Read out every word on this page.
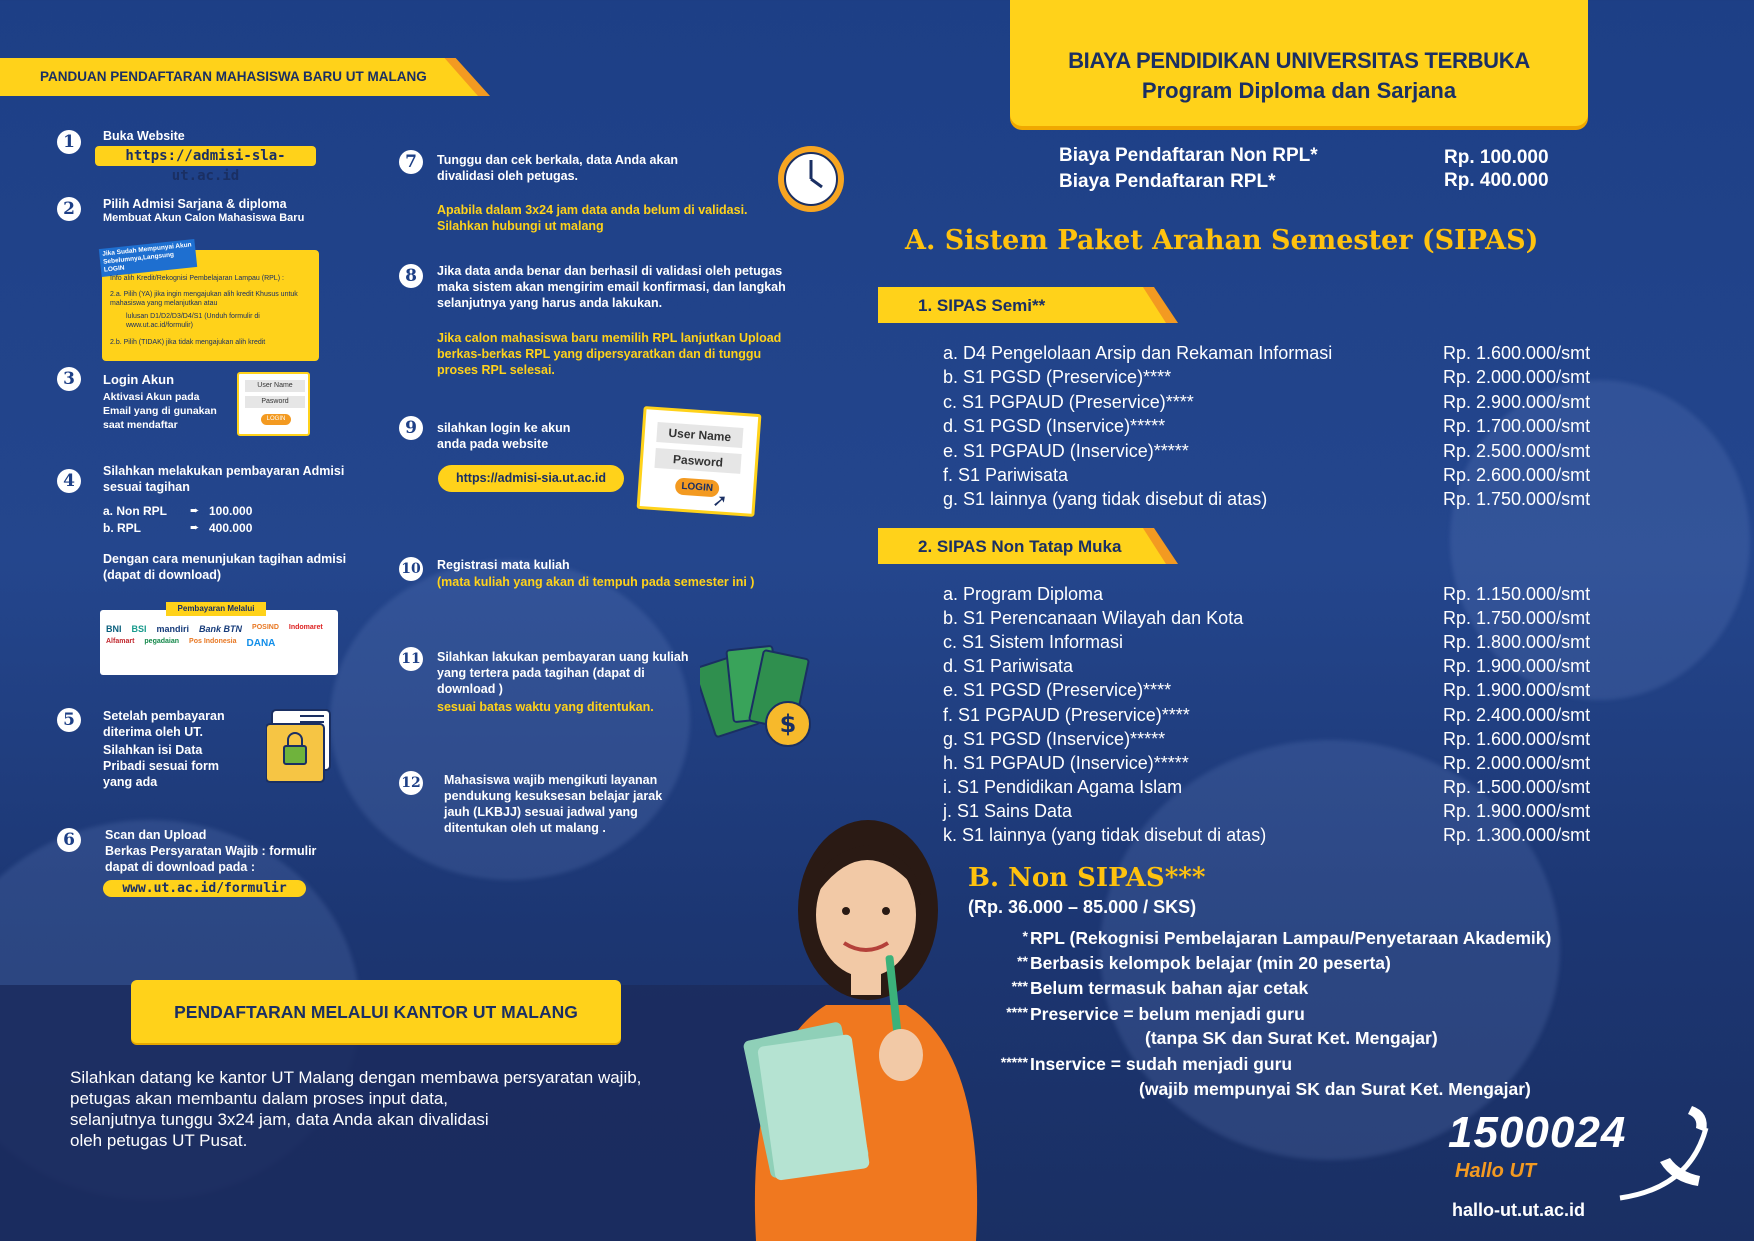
PANDUAN PENDAFTARAN MAHASISWA BARU UT MALANG
1	Buka Website
https://admisi-sla-ut.ac.id
2	Pilih Admisi Sarjana & diploma
Membuat Akun Calon Mahasiswa Baru
Jika Sudah Mempunyai Akun Sebelumnya,Langsung LOGIN
Info alih Kredit/Rekognisi Pembelajaran Lampau (RPL) :
2.a. Pilih (YA) jika ingin mengajukan alih kredit Khusus untuk mahasiswa yang melanjutkan atau
lulusan D1/D2/D3/D4/S1 (Unduh formulir di www.ut.ac.id/formulir)
2.b. Pilih (TIDAK) jika tidak mengajukan alih kredit
3	Login Akun
Aktivasi Akun pada Email yang di gunakan saat mendaftar
User Name
Pasword
LOGIN
4	Silahkan melakukan pembayaran Admisi sesuai tagihan
a. Non RPL ➨ 100.000
b. RPL	➨ 400.000
Dengan cara menunjukan tagihan admisi (dapat di download)
Pembayaran Melalui
BNI BSI mandiri Bank BTN POSIND Indomaret
Alfamart pegadaian Pos Indonesia DANA
5	Setelah pembayaran diterima oleh UT.
Silahkan isi Data Pribadi sesuai form yang ada
6	Scan dan Upload
Berkas Persyaratan Wajib : formulir dapat di download pada :
www.ut.ac.id/formulir
7	Tunggu dan cek berkala, data Anda akan divalidasi oleh petugas.
Apabila dalam 3x24 jam data anda belum di validasi. Silahkan hubungi ut malang
8	Jika data anda benar dan berhasil di validasi oleh petugas maka sistem akan mengirim email konfirmasi, dan langkah selanjutnya yang harus anda lakukan.
Jika calon mahasiswa baru memilih RPL lanjutkan Upload berkas-berkas RPL yang dipersyaratkan dan di tunggu proses RPL selesai.
9	silahkan login ke akun anda pada website
https://admisi-sia.ut.ac.id
User Name
Pasword
LOGIN
➚
10 Registrasi mata kuliah
(mata kuliah yang akan di tempuh pada semester ini )
11 Silahkan lakukan pembayaran uang kuliah yang tertera pada tagihan (dapat di download )
sesuai batas waktu yang ditentukan.
$
12 Mahasiswa wajib mengikuti layanan pendukung kesuksesan belajar jarak jauh (LKBJJ) sesuai jadwal yang ditentukan oleh ut malang .
PENDAFTARAN MELALUI KANTOR UT MALANG
Silahkan datang ke kantor UT Malang dengan membawa persyaratan wajib,
petugas akan membantu dalam proses input data,
selanjutnya tunggu 3x24 jam, data Anda akan divalidasi
oleh petugas UT Pusat.
BIAYA PENDIDIKAN UNIVERSITAS TERBUKA
Program Diploma dan Sarjana
Biaya Pendaftaran Non RPL*	Rp. 100.000
Biaya Pendaftaran RPL*	Rp. 400.000
A. Sistem Paket Arahan Semester (SIPAS)
1. SIPAS Semi**
a. D4 Pengelolaan Arsip dan Rekaman Informasi	Rp. 1.600.000/smt
b. S1 PGSD (Preservice)****	Rp. 2.000.000/smt
c. S1 PGPAUD (Preservice)****	Rp. 2.900.000/smt
d. S1 PGSD (Inservice)*****	Rp. 1.700.000/smt
e. S1 PGPAUD (Inservice)*****	Rp. 2.500.000/smt
f. S1 Pariwisata	Rp. 2.600.000/smt
g. S1 lainnya (yang tidak disebut di atas)	Rp. 1.750.000/smt
2. SIPAS Non Tatap Muka
a. Program Diploma	Rp. 1.150.000/smt
b. S1 Perencanaan Wilayah dan Kota	Rp. 1.750.000/smt
c. S1 Sistem Informasi	Rp. 1.800.000/smt
d. S1 Pariwisata	Rp. 1.900.000/smt
e. S1 PGSD (Preservice)****	Rp. 1.900.000/smt
f. S1 PGPAUD (Preservice)****	Rp. 2.400.000/smt
g. S1 PGSD (Inservice)*****	Rp. 1.600.000/smt
h. S1 PGPAUD (Inservice)*****	Rp. 2.000.000/smt
i. S1 Pendidikan Agama Islam	Rp. 1.500.000/smt
j. S1 Sains Data	Rp. 1.900.000/smt
k. S1 lainnya (yang tidak disebut di atas)	Rp. 1.300.000/smt
B. Non SIPAS***
(Rp. 36.000 – 85.000 / SKS)
* RPL (Rekognisi Pembelajaran Lampau/Penyetaraan Akademik)
** Berbasis kelompok belajar (min 20 peserta)
*** Belum termasuk bahan ajar cetak
**** Preservice = belum menjadi guru
(tanpa SK dan Surat Ket. Mengajar)
***** Inservice = sudah menjadi guru
(wajib mempunyai SK dan Surat Ket. Mengajar)
1500024
Hallo UT
hallo-ut.ut.ac.id
